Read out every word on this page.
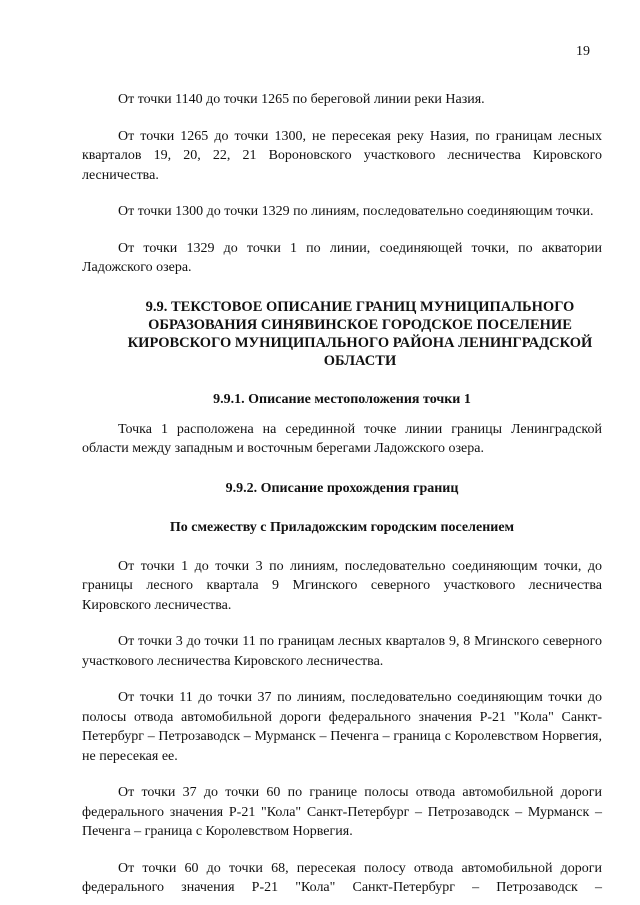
19

От точки 1140 до точки 1265 по береговой линии реки Назия.

От точки 1265 до точки 1300, не пересекая реку Назия, по границам лесных кварталов 19, 20, 22, 21 Вороновского участкового лесничества Кировского лесничества.

От точки 1300 до точки 1329 по линиям, последовательно соединяющим точки.

От точки 1329 до точки 1 по линии, соединяющей точки, по акватории Ладожского озера.

9.9. ТЕКСТОВОЕ ОПИСАНИЕ ГРАНИЦ МУНИЦИПАЛЬНОГО ОБРАЗОВАНИЯ СИНЯВИНСКОЕ ГОРОДСКОЕ ПОСЕЛЕНИЕ КИРОВСКОГО МУНИЦИПАЛЬНОГО РАЙОНА ЛЕНИНГРАДСКОЙ ОБЛАСТИ
9.9.1. Описание местоположения точки 1

Точка 1 расположена на серединной точке линии границы Ленинградской области между западным и восточным берегами Ладожского озера.

9.9.2. Описание прохождения границ
По смежеству с Приладожским городским поселением

От точки 1 до точки 3 по линиям, последовательно соединяющим точки, до границы лесного квартала 9 Мгинского северного участкового лесничества Кировского лесничества.

От точки 3 до точки 11 по границам лесных кварталов 9, 8 Мгинского северного участкового лесничества Кировского лесничества.

От точки 11 до точки 37 по линиям, последовательно соединяющим точки до полосы отвода автомобильной дороги федерального значения Р-21 "Кола" Санкт-Петербург – Петрозаводск – Мурманск – Печенга – граница с Королевством Норвегия, не пересекая ее.

От точки 37 до точки 60 по границе полосы отвода автомобильной дороги федерального значения Р-21 "Кола" Санкт-Петербург – Петрозаводск – Мурманск – Печенга – граница с Королевством Норвегия.

От точки 60 до точки 68, пересекая полосу отвода автомобильной дороги федерального значения Р-21 "Кола" Санкт-Петербург – Петрозаводск –
